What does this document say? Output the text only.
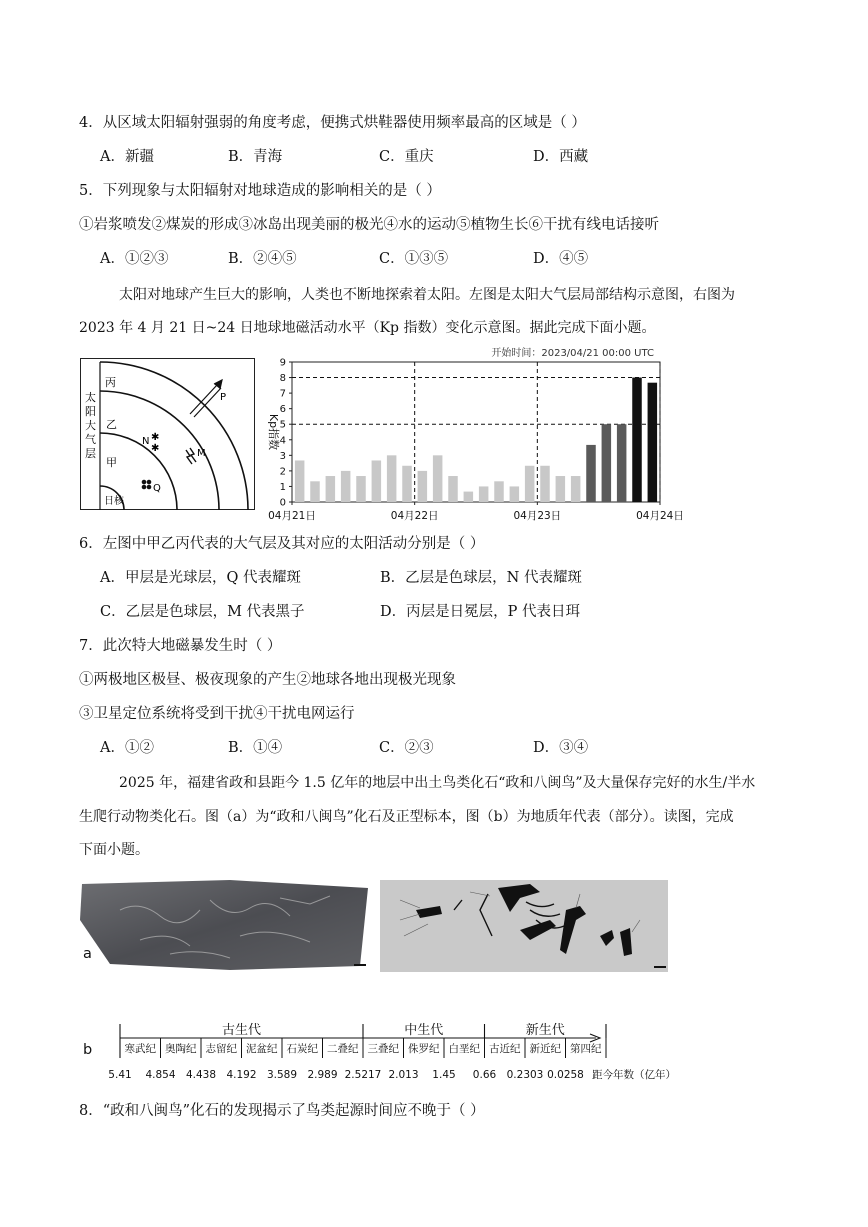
4．从区域太阳辐射强弱的角度考虑，便携式烘鞋器使用频率最高的区域是（ ）
A．新疆	B．青海	C．重庆	D．西藏
5．下列现象与太阳辐射对地球造成的影响相关的是（ ）
①岩浆喷发②煤炭的形成③冰岛出现美丽的极光④水的运动⑤植物生长⑥干扰有线电话接听
A．①②③	B．②④⑤	C．①③⑤	D．④⑤
太阳对地球产生巨大的影响，人类也不断地探索着太阳。左图是太阳大气层局部结构示意图，右图为
2023 年 4 月 21 日~24 日地球地磁活动水平（Kp 指数）变化示意图。据此完成下面小题。
太
阳
大
气
层
丙
乙
甲
日核
P
N ✱
✱	M
Q
开始时间：2023/04/21 00:00 UTC
Kp指数
0
1
2
3
4
5
6
7
8
9
04月21日	04月22日	04月23日	04月24日
6．左图中甲乙丙代表的大气层及其对应的太阳活动分别是（ ）
A．甲层是光球层，Q 代表耀斑	B．乙层是色球层，N 代表耀斑
C．乙层是色球层，M 代表黑子	D．丙层是日冕层，P 代表日珥
7．此次特大地磁暴发生时（ ）
①两极地区极昼、极夜现象的产生②地球各地出现极光现象
③卫星定位系统将受到干扰④干扰电网运行
A．①②	B．①④	C．②③	D．③④
2025 年，福建省政和县距今 1.5 亿年的地层中出土鸟类化石“政和八闽鸟”及大量保存完好的水生/半水
生爬行动物类化石。图（a）为“政和八闽鸟”化石及正型标本，图（b）为地质年代表（部分）。读图，完成
下面小题。
a
b	寒武纪 奥陶纪 志留纪 泥盆纪 石炭纪 二叠纪 三叠纪 侏罗纪 白垩纪 古近纪 新近纪 第四纪
古生代	中生代	新生代
5.41 4.854 4.438 4.192 3.589 2.989 2.5217 2.013 1.45 0.66 0.2303 0.0258 距今年数（亿年）
8．“政和八闽鸟”化石的发现揭示了鸟类起源时间应不晚于（ ）
